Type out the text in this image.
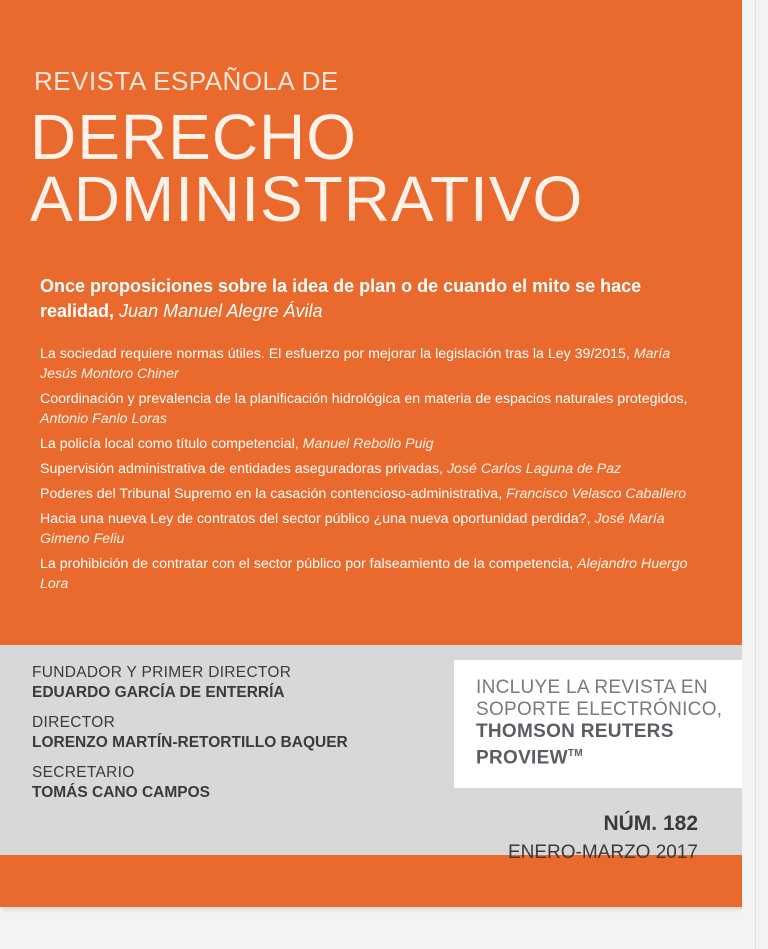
REVISTA ESPAÑOLA DE
DERECHO
ADMINISTRATIVO
Once proposiciones sobre la idea de plan o de cuando el mito se hace realidad, Juan Manuel Alegre Ávila
La sociedad requiere normas útiles. El esfuerzo por mejorar la legislación tras la Ley 39/2015, María Jesús Montoro Chiner
Coordinación y prevalencia de la planificación hidrológica en materia de espacios naturales protegidos, Antonio Fanlo Loras
La policía local como título competencial, Manuel Rebollo Puig
Supervisión administrativa de entidades aseguradoras privadas, José Carlos Laguna de Paz
Poderes del Tribunal Supremo en la casación contencioso-administrativa, Francisco Velasco Caballero
Hacia una nueva Ley de contratos del sector público ¿una nueva oportunidad perdida?, José María Gimeno Feliu
La prohibición de contratar con el sector público por falseamiento de la competencia, Alejandro Huergo Lora
FUNDADOR Y PRIMER DIRECTOR
EDUARDO GARCÍA DE ENTERRÍA
DIRECTOR
LORENZO MARTÍN-RETORTILLO BAQUER
SECRETARIO
TOMÁS CANO CAMPOS
INCLUYE LA REVISTA EN
SOPORTE ELECTRÓNICO,
THOMSON REUTERS
PROVIEW™
NÚM. 182
ENERO-MARZO 2017
